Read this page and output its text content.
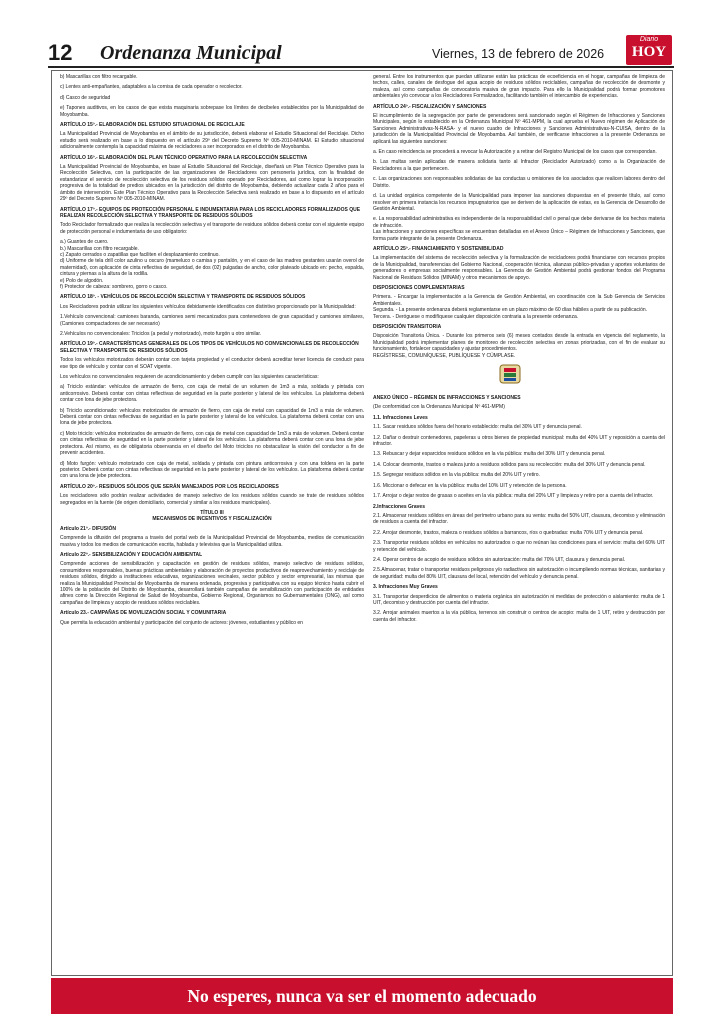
12 Ordenanza Municipal	Viernes, 13 de febrero de 2026
Diario
HOY

b) Mascarillas con filtro recargable.

c) Lentes anti-empañantes, adaptables a la cornisa de cada operador o recolector.

d) Casco de seguridad

e) Tapones auditivos, en los casos de que exista maquinaria sobrepase los límites de decibeles establecidos por la Municipalidad de Moyobamba.

ARTÍCULO 15º.- ELABORACIÓN DEL ESTUDIO SITUACIONAL DE RECICLAJE

La Municipalidad Provincial de Moyobamba en el ámbito de su jurisdicción, deberá elaborar el Estudio Situacional del Reciclaje. Dicho estudio será realizado en base a lo dispuesto en el artículo 29º del Decreto Supremo Nº 005-2010-MINAM. El Estudio situacional adicionalmente contempla la capacidad máxima de recicladores a ser incorporados en el distrito de Moyobamba.

ARTÍCULO 16º.- ELABORACIÓN DEL PLAN TÉCNICO OPERATIVO PARA LA RECOLECCIÓN SELECTIVA

La Municipalidad Provincial de Moyobamba, en base al Estudio Situacional del Reciclaje, diseñará un Plan Técnico Operativo para la Recolección Selectiva, con la participación de las organizaciones de Recicladores con personería jurídica, con la finalidad de estandarizar el servicio de recolección selectiva de los residuos sólidos operado por Recicladores, así como lograr la incorporación progresiva de la totalidad de predios ubicados en la jurisdicción del distrito de Moyobamba, debiendo actualizar cada 2 años para el ámbito de intervención. Este Plan Técnico Operativo para la Recolección Selectiva será realizado en base a lo dispuesto en el artículo 29º del Decreto Supremo Nº 005-2010-MINAM.

ARTÍCULO 17º.- EQUIPOS DE PROTECCIÓN PERSONAL E INDUMENTARIA PARA LOS RECICLADORES FORMALIZADOS QUE REALIZAN RECOLECCIÓN SELECTIVA Y TRANSPORTE DE RESIDUOS SÓLIDOS

Todo Reciclador formalizado que realiza la recolección selectiva y el transporte de residuos sólidos deberá contar con el siguiente equipo de protección personal e indumentaria de uso obligatorio:

a.) Guantes de cuero.
b.) Mascarillas con filtro recargable.
c) Zapato cerrados o zapatillas que faciliten el desplazamiento continuo.
d) Uniforme de tela drill color azulino u oscuro (mameluco o camisa y pantalón, y en el caso de las madres gestantes usarán overol de maternidad), con aplicación de cinta reflectiva de seguridad, de dos (02) pulgadas de ancho, color plateado ubicado en: pecho, espalda, cintura y piernas a la altura de la rodilla.
e) Polo de algodón.
f) Protector de cabeza: sombrero, gorro o casco.

ARTÍCULO 18º. - VEHÍCULOS DE RECOLECCIÓN SELECTIVA Y TRANSPORTE DE RESIDUOS SÓLIDOS

Los Recicladores podrán utilizar los siguientes vehículos debidamente identificados con distintivo proporcionado por la Municipalidad:

1.Vehículo convencional: camiones baranda, camiones semi mecanizados para contenedores de gran capacidad y camiones similares, (Camiones compactadores de ser necesario)

2.Vehículos no convencionales: Triciclos (a pedal y motorizado), moto furgón u otro similar.

ARTÍCULO 19º.- CARACTERÍSTICAS GENERALES DE LOS TIPOS DE VEHÍCULOS NO CONVENCIONALES DE RECOLECCIÓN SELECTIVA Y TRANSPORTE DE RESIDUOS SÓLIDOS

Todos los vehículos motorizados deberán contar con tarjeta propiedad y el conductor deberá acreditar tener licencia de conducir para ese tipo de vehículo y contar con el SOAT vigente.

Los vehículos no convencionales requieren de acondicionamiento y deben cumplir con las siguientes características:

a) Triciclo estándar: vehículos de armazón de fierro, con caja de metal de un volumen de 1m3 a más, soldada y pintada con anticorrosivo. Deberá contar con cintas reflectivas de seguridad en la parte posterior y lateral de los vehículos. La plataforma deberá contar con lona de jebe protectora.

b) Triciclo acondicionado: vehículos motorizados de armazón de fierro, con caja de metal con capacidad de 1m3 a más de volumen. Deberá contar con cintas reflectivas de seguridad en la parte posterior y lateral de los vehículos. La plataforma deberá contar con una lona de jebe protectora.

c) Moto triciclo: vehículos motorizados de armazón de fierro, con caja de metal con capacidad de 1m3 a más de volumen. Deberá contar con cintas reflectivas de seguridad en la parte posterior y lateral de los vehículos. La plataforma deberá contar con una lona de jebe protectora. Así mismo, es de obligatoria observancia en el diseño del Moto triciclos no obstaculizar la visión del conductor a fin de prevenir accidentes.

d) Moto furgón: vehículo motorizado con caja de metal, soldada y pintada con pintura anticorrosiva y con una toldera en la parte posterior. Deberá contar con cintas reflectivas de seguridad en la parte posterior y lateral de los vehículos. La plataforma deberá contar con una lona de jebe protectora.

ARTÍCULO 20º.- RESIDUOS SÓLIDOS QUE SERÁN MANEJADOS POR LOS RECICLADORES

Los recicladores sólo podrán realizar actividades de manejo selectivo de los residuos sólidos cuando se trate de residuos sólidos segregados en la fuente (de origen domiciliario, comercial y similar a los residuos municipales).

TÍTULO III

MECANISMOS DE INCENTIVOS Y FISCALIZACIÓN

Artículo 21º.- DIFUSIÓN

Comprende la difusión del programa a través del portal web de la Municipalidad Provincial de Moyobamba, medios de comunicación masiva y todos los medios de comunicación escrita, hablada y televisiva que la Municipalidad utiliza.

Artículo 22º.- SENSIBILIZACIÓN Y EDUCACIÓN AMBIENTAL

Comprende acciones de sensibilización y capacitación en gestión de residuos sólidos, manejo selectivo de residuos sólidos, consumidores responsables, buenas prácticas ambientales y elaboración de proyectos productivos de reaprovechamiento y reciclaje de residuos sólidos, dirigido a instituciones educativas, organizaciones vecinales, sector público y sector empresarial, las mismas que realiza la Municipalidad Provincial de Moyobamba de manera ordenada, progresiva y participativa con su equipo técnico hasta cubrir el 100% de la población del Distrito de Moyobamba, desarrollará también campañas de sensibilización con participación de entidades afines como la Dirección Regional de Salud de Moyobamba, Gobierno Regional, Organismos no Gubernamentales (ONG), así como campañas de limpieza y acopio de residuos sólidos reciclables.

Artículo 23.- CAMPAÑAS DE MOVILIZACIÓN SOCIAL Y COMUNITARIA

Que permita la educación ambiental y participación del conjunto de actores: jóvenes, estudiantes y público en

general. Entre los instrumentos que puedan utilizarse están las prácticas de ecoeficiencia en el hogar, campañas de limpieza de techos, calles, canales de desfogue del agua acopio de residuos sólidos reciclables, campañas de recolección de desmonte y maleza, así como campañas de convocatoria masiva de gran impacto. Para ello la Municipalidad podrá formar promotores ambientales y/o convocar a los Recicladores Formalizados, facilitando también el intercambio de experiencias.

ARTÍCULO 24º.- FISCALIZACIÓN Y SANCIONES

El incumplimiento de la segregación por parte de generadores será sancionado según el Régimen de Infracciones y Sanciones Municipales, según lo establecido en la Ordenanza Municipal Nº 461-MPM, la cual aprueba el Nuevo régimen de Aplicación de Sanciones Administrativas-N-RASA- y el nuevo cuadro de Infracciones y Sanciones Administrativas-N-CUISA, dentro de la jurisdicción de la Municipalidad Provincial de Moyobamba. Así también, de verificarse infracciones a la presente Ordenanza se aplicará las siguientes sanciones:

a. En caso reincidencia se procederá a revocar la Autorización y a retirar del Registro Municipal de los casos que correspondan.

b. Las multas serán aplicadas de manera solidaria tanto al Infractor (Reciclador Autorizado) como a la Organización de Recicladores a la que pertenecen.

c. Las organizaciones son responsables solidarias de las conductas u omisiones de los asociados que realicen labores dentro del Distrito.

d. La unidad orgánica competente de la Municipalidad para imponer las sanciones dispuestas en el presente título, así como resolver en primera instancia los recursos impugnatorios que se deriven de la aplicación de estas, es la Gerencia de Desarrollo de Gestión Ambiental.

e. La responsabilidad administrativa es independiente de la responsabilidad civil o penal que debe derivarse de los hechos materia de infracción.
Las infracciones y sanciones específicas se encuentran detalladas en el Anexo Único – Régimen de Infracciones y Sanciones, que forma parte integrante de la presente Ordenanza.

ARTÍCULO 25º.- FINANCIAMIENTO Y SOSTENIBILIDAD

La implementación del sistema de recolección selectiva y la formalización de recicladores podrá financiarse con recursos propios de la Municipalidad, transferencias del Gobierno Nacional, cooperación técnica, alianzas público-privadas y aportes voluntarios de generadores o empresas socialmente responsables. La Gerencia de Gestión Ambiental podrá gestionar fondos del Programa Nacional de Residuos Sólidos (MINAM) y otros mecanismos de apoyo.

DISPOSICIONES COMPLEMENTARIAS

Primera. - Encargar la implementación a la Gerencia de Gestión Ambiental, en coordinación con la Sub Gerencia de Servicios Ambientales.
Segunda. - La presente ordenanza deberá reglamentarse en un plazo máximo de 60 días hábiles a partir de su publicación.
Tercera. - Deróguese o modifíquese cualquier disposición contraria a la presente ordenanza.

DISPOSICIÓN TRANSITORIA

Disposición Transitoria Única. - Durante los primeros seis (6) meses contados desde la entrada en vigencia del reglamento, la Municipalidad podrá implementar planes de monitoreo de recolección selectiva en zonas priorizadas, con el fin de evaluar su funcionamiento, fortalecer capacidades y ajustar procedimientos.
REGÍSTRESE, COMUNÍQUESE, PUBLÍQUESE Y CÚMPLASE.

ANEXO ÚNICO – RÉGIMEN DE INFRACCIONES Y SANCIONES

(De conformidad con la Ordenanza Municipal Nº 461-MPM)

1.1. Infracciones Leves

1.1. Sacar residuos sólidos fuera del horario establecido: multa del 30% UIT y denuncia penal.

1.2. Dañar o destruir contenedores, papeleras u otros bienes de propiedad municipal: multa del 40% UIT y reposición a cuenta del infractor.

1.3. Rebuscar y dejar esparcidos residuos sólidos en la vía pública: multa del 30% UIT y denuncia penal.

1.4. Colocar desmonte, trastos o maleza junto a residuos sólidos para su recolección: multa del 30% UIT y denuncia penal.

1.5. Segregar residuos sólidos en la vía pública: multa del 20% UIT y retiro.

1.6. Miccionar o defecar en la vía pública: multa del 10% UIT y retención de la persona.

1.7. Arrojar o dejar restos de grasas o aceites en la vía pública: multa del 20% UIT y limpieza y retiro por a cuenta del infractor.

2.Infracciones Graves

2.1. Almacenar residuos sólidos en áreas del perímetro urbano para su venta: multa del 50% UIT, clausura, decomiso y eliminación de residuos a cuenta del infractor.

2.2. Arrojar desmonte, trastos, maleza o residuos sólidos a barrancos, ríos o quebradas: multa 70% UIT y denuncia penal.

2.3. Transportar residuos sólidos en vehículos no autorizados o que no reúnan las condiciones para el servicio: multa del 60% UIT y retención del vehículo.

2.4. Operar centros de acopio de residuos sólidos sin autorización: multa del 70% UIT, clausura y denuncia penal.

2.5.Almacenar, tratar o transportar residuos peligrosos y/o radiactivos sin autorización o incumpliendo normas técnicas, sanitarias y de seguridad: multa del 80% UIT, clausura del local, retención del vehículo y denuncia penal.

3. Infracciones Muy Graves

3.1. Transportar desperdicios de alimentos o materia orgánica sin autorización ni medidas de protección o aislamiento: multa de 1 UIT, decomiso y destrucción por cuenta del infractor.

3.2. Arrojar animales muertos a la vía pública, terrenos sin construir o centros de acopio: multa de 1 UIT, retiro y destrucción por cuenta del infractor.

No esperes, nunca va ser el momento adecuado
